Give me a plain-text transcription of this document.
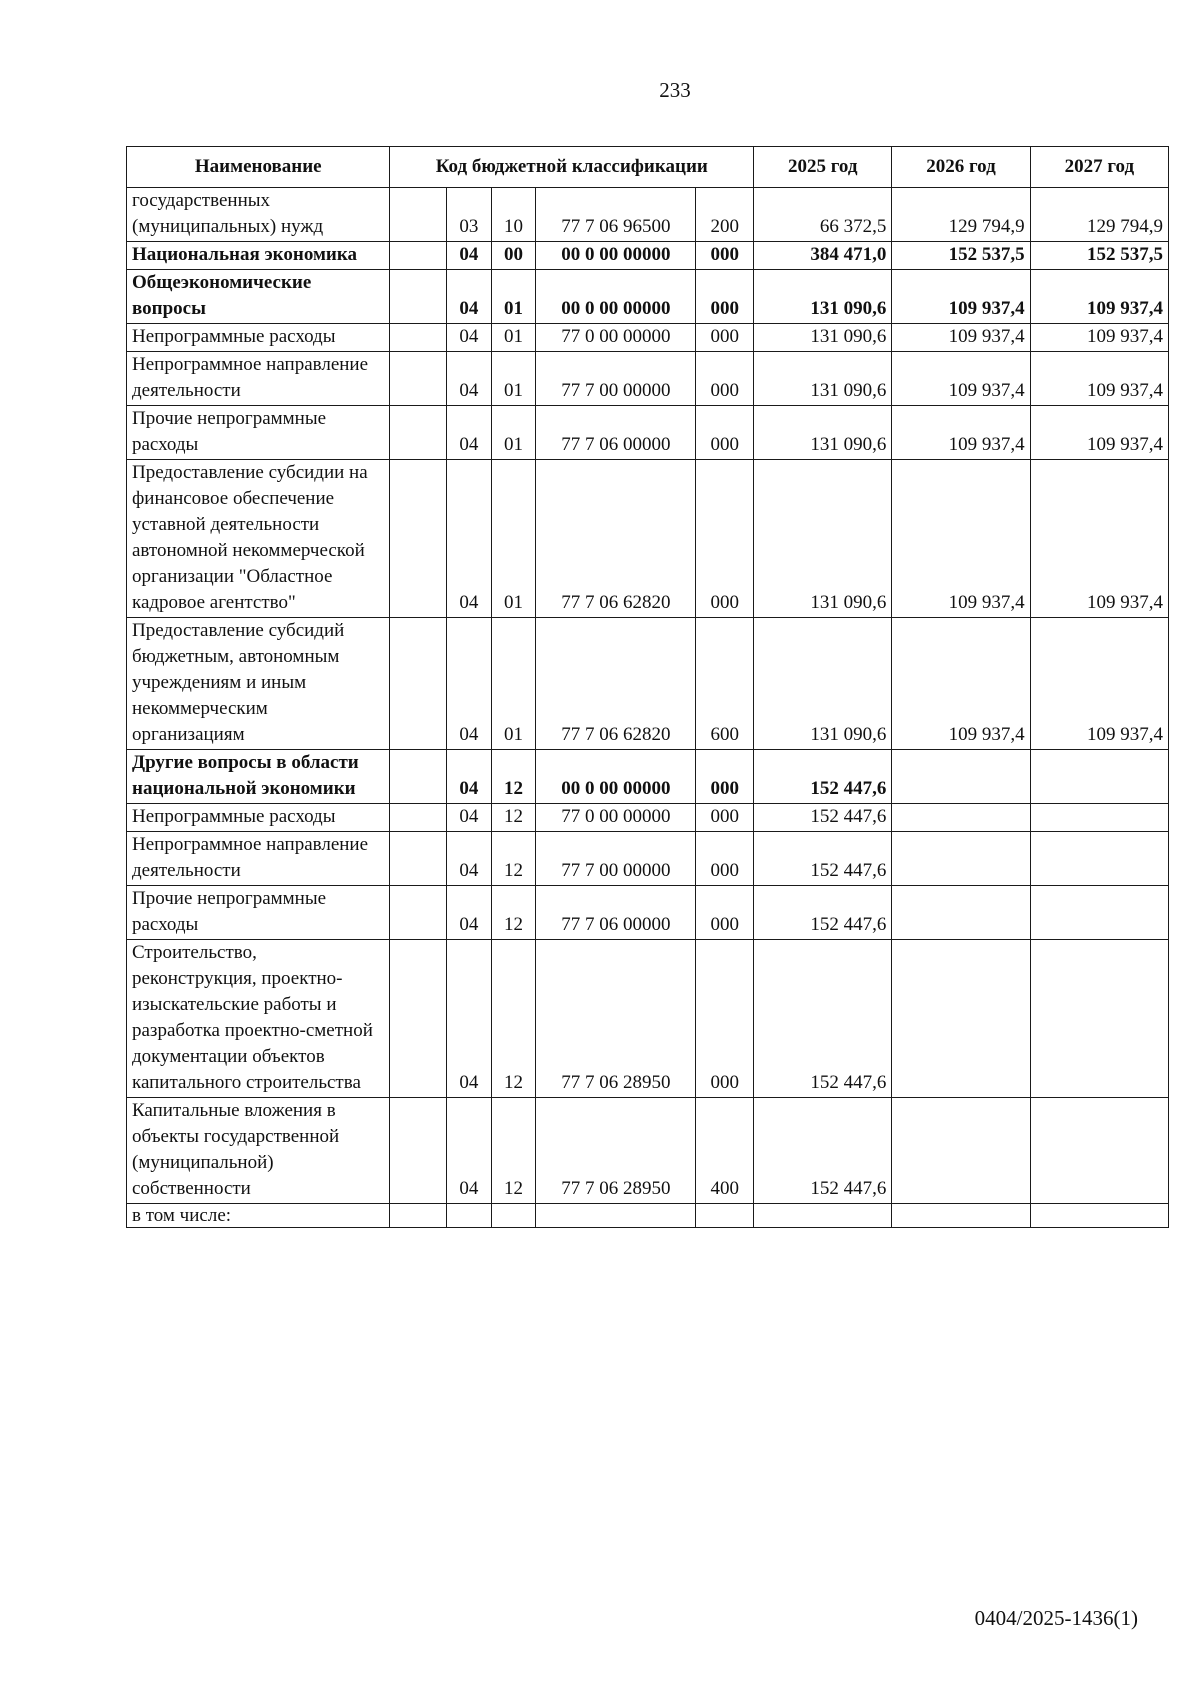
233
Наименование	Код бюджетной классификации					2025 год	2026 год	2027 год
государственных (муниципальных) нужд		03	10	77 7 06 96500	200	66 372,5	129 794,9	129 794,9
Национальная экономика		04	00	00 0 00 00000	000	384 471,0	152 537,5	152 537,5
Общеэкономические вопросы		04	01	00 0 00 00000	000	131 090,6	109 937,4	109 937,4
Непрограммные расходы		04	01	77 0 00 00000	000	131 090,6	109 937,4	109 937,4
Непрограммное направление деятельности		04	01	77 7 00 00000	000	131 090,6	109 937,4	109 937,4
Прочие непрограммные расходы		04	01	77 7 06 00000	000	131 090,6	109 937,4	109 937,4
Предоставление субсидии на финансовое обеспечение уставной деятельности автономной некоммерческой организации "Областное кадровое агентство"		04	01	77 7 06 62820	000	131 090,6	109 937,4	109 937,4
Предоставление субсидий бюджетным, автономным учреждениям и иным некоммерческим организациям		04	01	77 7 06 62820	600	131 090,6	109 937,4	109 937,4
Другие вопросы в области национальной экономики		04	12	00 0 00 00000	000	152 447,6		
Непрограммные расходы		04	12	77 0 00 00000	000	152 447,6		
Непрограммное направление деятельности		04	12	77 7 00 00000	000	152 447,6		
Прочие непрограммные расходы		04	12	77 7 06 00000	000	152 447,6		
Строительство, реконструкция, проектно-изыскательские работы и разработка проектно-сметной документации объектов капитального строительства		04	12	77 7 06 28950	000	152 447,6		
Капитальные вложения в объекты государственной (муниципальной) собственности		04	12	77 7 06 28950	400	152 447,6		
в том числе:								
0404/2025-1436(1)
